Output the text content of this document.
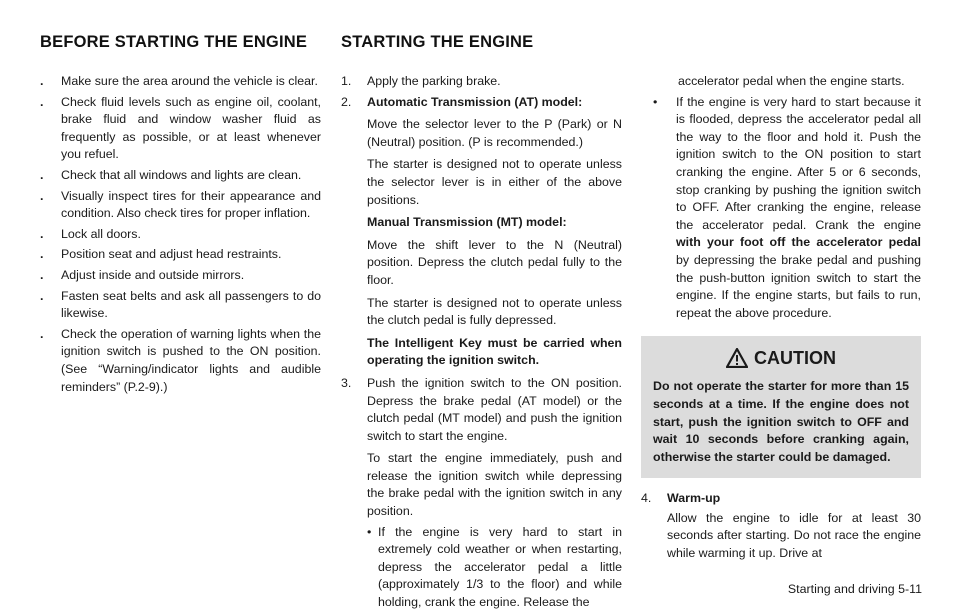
BEFORE STARTING THE ENGINE STARTING THE ENGINE
. Make sure the area around the vehicle is clear.
. Check fluid levels such as engine oil, coolant, brake fluid and window washer fluid as frequently as possible, or at least whenever you refuel.
. Check that all windows and lights are clean.
. Visually inspect tires for their appearance and condition. Also check tires for proper inflation.
. Lock all doors.
. Position seat and adjust head restraints.
. Adjust inside and outside mirrors.
. Fasten seat belts and ask all passengers to do likewise.
. Check the operation of warning lights when the ignition switch is pushed to the ON position. (See “Warning/indicator lights and audible reminders” (P.2-9).)
1. Apply the parking brake.
2. Automatic Transmission (AT) model:
Move the selector lever to the P (Park) or N (Neutral) position. (P is recommended.)
The starter is designed not to operate unless the selector lever is in either of the above positions.
Manual Transmission (MT) model:
Move the shift lever to the N (Neutral) position. Depress the clutch pedal fully to the floor.
The starter is designed not to operate unless the clutch pedal is fully depressed.
The Intelligent Key must be carried when operating the ignition switch.
3. Push the ignition switch to the ON position. Depress the brake pedal (AT model) or the clutch pedal (MT model) and push the ignition switch to start the engine.
To start the engine immediately, push and release the ignition switch while depressing the brake pedal with the ignition switch in any position.
• If the engine is very hard to start in extremely cold weather or when restarting, depress the accelerator pedal a little (approximately 1/3 to the floor) and while holding, crank the engine. Release the
accelerator pedal when the engine starts.
•	If the engine is very hard to start because it is flooded, depress the accelerator pedal all the way to the floor and hold it. Push the ignition switch to the ON position to start cranking the engine. After 5 or 6 seconds, stop cranking by pushing the ignition switch to OFF. After cranking the engine, release the accelerator pedal. Crank the engine with your foot off the accelerator pedal by depressing the brake pedal and pushing the push-button ignition switch to start the engine. If the engine starts, but fails to run, repeat the above procedure.
CAUTION
Do not operate the starter for more than 15 seconds at a time. If the engine does not start, push the ignition switch to OFF and wait 10 seconds before cranking again, otherwise the starter could be damaged.
4. Warm-up
Allow the engine to idle for at least 30 seconds after starting. Do not race the engine while warming it up. Drive at
Starting and driving 5-11
